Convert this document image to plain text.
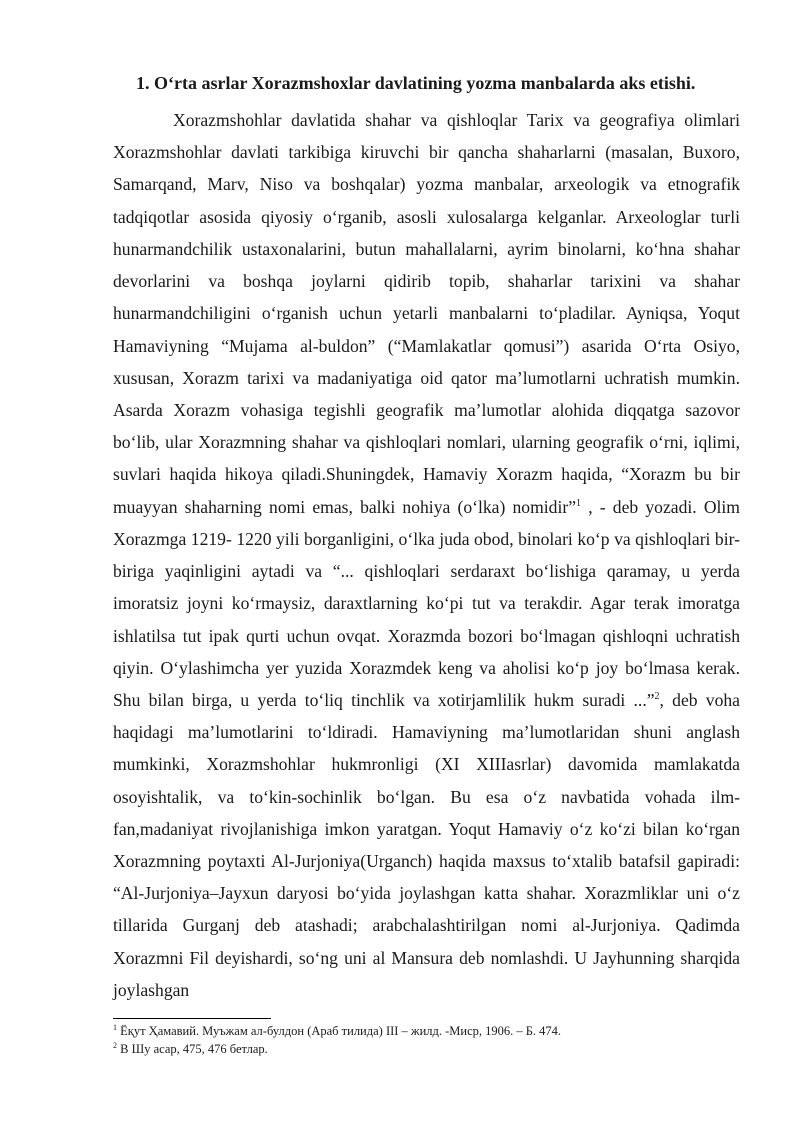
1. O‘rta asrlar Xorazmshoxlar davlatining yozma manbalarda aks etishi.

Xorazmshohlar davlatida shahar va qishloqlar Tarix va geografiya olimlari Xorazmshohlar davlati tarkibiga kiruvchi bir qancha shaharlarni (masalan, Buxoro, Samarqand, Marv, Niso va boshqalar) yozma manbalar, arxeologik va etnografik tadqiqotlar asosida qiyosiy o‘rganib, asosli xulosalarga kelganlar. Arxeologlar turli hunarmandchilik ustaxonalarini, butun mahallalarni, ayrim binolarni, ko‘hna shahar devorlarini va boshqa joylarni qidirib topib, shaharlar tarixini va shahar hunarmandchiligini o‘rganish uchun yetarli manbalarni to‘pladilar. Ayniqsa, Yoqut Hamaviyning “Mujama al-buldon” (“Mamlakatlar qomusi”) asarida O‘rta Osiyo, xususan, Xorazm tarixi va madaniyatiga oid qator ma’lumotlarni uchratish mumkin. Asarda Xorazm vohasiga tegishli geografik ma’lumotlar alohida diqqatga sazovor bo‘lib, ular Xorazmning shahar va qishloqlari nomlari, ularning geografik o‘rni, iqlimi, suvlari haqida hikoya qiladi.Shuningdek, Hamaviy Xorazm haqida, “Xorazm bu bir muayyan shaharning nomi emas, balki nohiya (o‘lka) nomidir”$^1$ , - deb yozadi. Olim Xorazmga 1219- 1220 yili borganligini, o‘lka juda obod, binolari ko‘p va qishloqlari bir-biriga yaqinligini aytadi va “... qishloqlari serdaraxt bo‘lishiga qaramay, u yerda imoratsiz joyni ko‘rmaysiz, daraxtlarning ko‘pi tut va terakdir. Agar terak imoratga ishlatilsa tut ipak qurti uchun ovqat. Xorazmda bozori bo‘lmagan qishloqni uchratish qiyin. O‘ylashimcha yer yuzida Xorazmdek keng va aholisi ko‘p joy bo‘lmasa kerak. Shu bilan birga, u yerda to‘liq tinchlik va xotirjamlilik hukm suradi ...”$^2$, deb voha haqidagi ma’lumotlarini to‘ldiradi. Hamaviyning ma’lumotlaridan shuni anglash mumkinki, Xorazmshohlar hukmronligi (XI XIIIasrlar) davomida mamlakatda osoyishtalik, va to‘kin-sochinlik bo‘lgan. Bu esa o‘z navbatida vohada ilm-fan,madaniyat rivojlanishiga imkon yaratgan. Yoqut Hamaviy o‘z ko‘zi bilan ko‘rgan Xorazmning poytaxti Al-Jurjoniya(Urganch) haqida maxsus to‘xtalib batafsil gapiradi: “Al-Jurjoniya–Jayxun daryosi bo‘yida joylashgan katta shahar. Xorazmliklar uni o‘z tillarida Gurganj deb atashadi; arabchalashtirilgan nomi al-Jurjoniya. Qadimda Xorazmni Fil deyishardi, so‘ng uni al Mansura deb nomlashdi. U Jayhunning sharqida joylashgan

$^1$ Ёқут Ҳамавий. Муъжам ал-булдон (Араб тилида) III – жилд. -Миср, 1906. – Б. 474.
$^2$ В Шу асар, 475, 476 бетлар.
